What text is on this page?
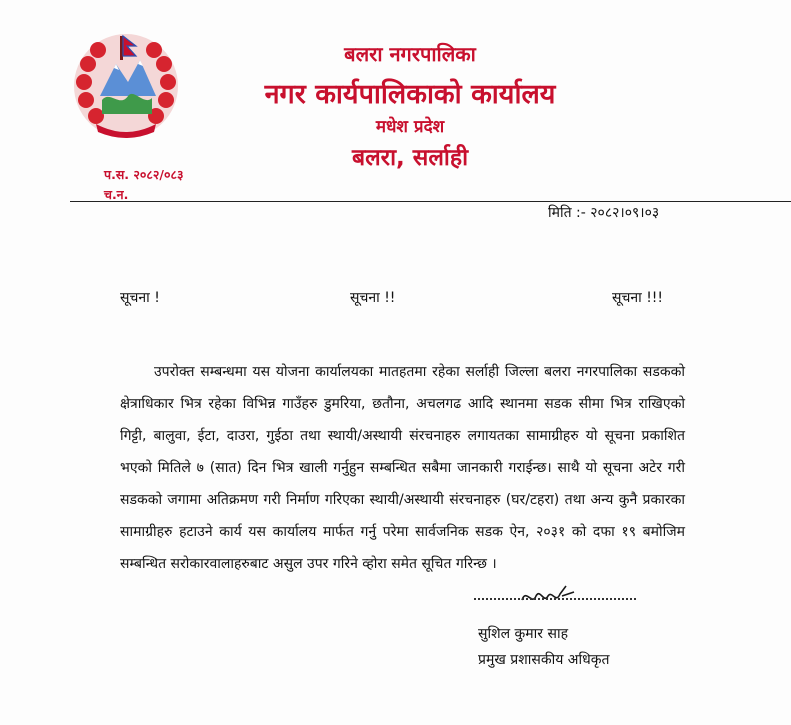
बलरा नगरपालिका
नगर कार्यपालिकाको कार्यालय
मधेश प्रदेश
बलरा, सर्लाही
प.स. २०८२/०८३
च.न.
मिति :- २०८२।०९।०३
सूचना !	सूचना !!	सूचना !!!

उपरोक्त सम्बन्धमा यस योजना कार्यालयका मातहतमा रहेका सर्लाही जिल्ला बलरा नगरपालिका सडकको क्षेत्राधिकार भित्र रहेका विभिन्न गाउँहरु डुमरिया, छतौना, अचलगढ आदि स्थानमा सडक सीमा भित्र राखिएको गिट्टी, बालुवा, ईटा, दाउरा, गुईठा तथा स्थायी/अस्थायी संरचनाहरु लगायतका सामाग्रीहरु यो सूचना प्रकाशित भएको मितिले ७ (सात) दिन भित्र खाली गर्नुहुन सम्बन्धित सबैमा जानकारी गराईन्छ। साथै यो सूचना अटेर गरी सडकको जगामा अतिक्रमण गरी निर्माण गरिएका स्थायी/अस्थायी संरचनाहरु (घर/टहरा) तथा अन्य कुनै प्रकारका सामाग्रीहरु हटाउने कार्य यस कार्यालय मार्फत गर्नु परेमा सार्वजनिक सडक ऐन, २०३१ को दफा १९ बमोजिम सम्बन्धित सरोकारवालाहरुबाट असुल उपर गरिने व्होरा समेत सूचित गरिन्छ ।

सुशिल कुमार साह
प्रमुख प्रशासकीय अधिकृत
